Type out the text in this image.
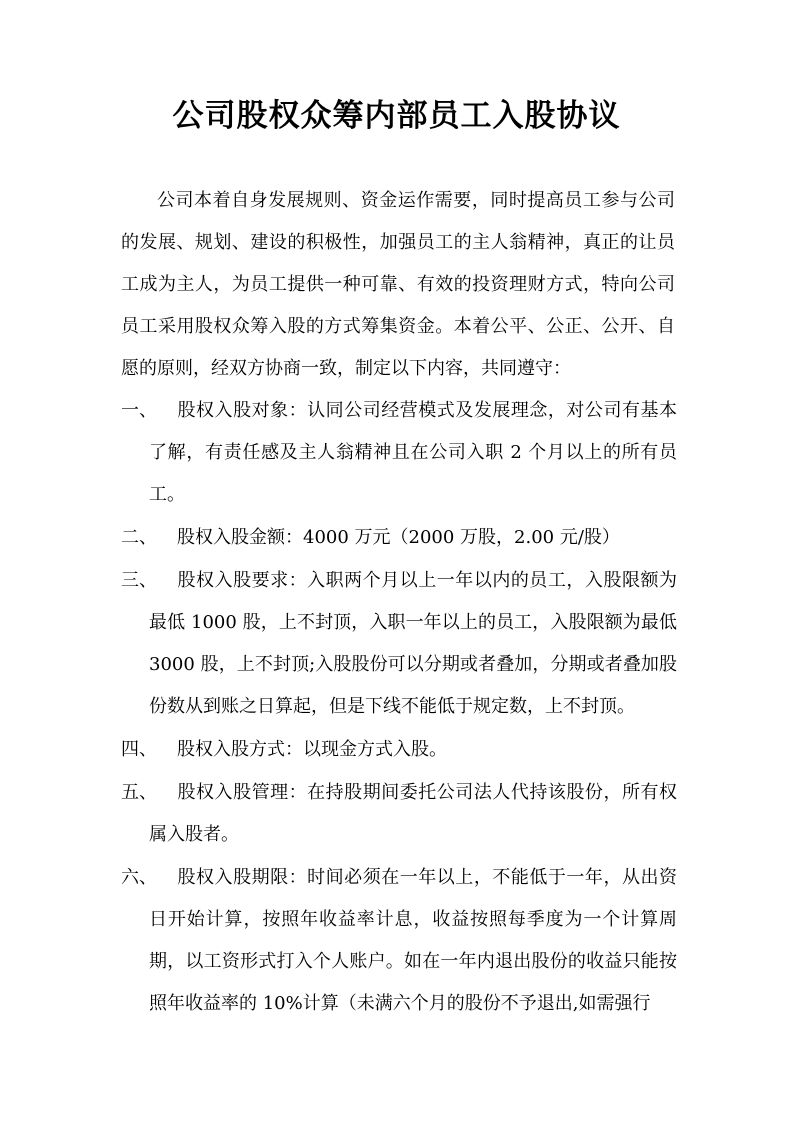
公司股权众筹内部员工入股协议

公司本着自身发展规则、资金运作需要，同时提高员工参与公司的发展、规划、建设的积极性，加强员工的主人翁精神，真正的让员工成为主人，为员工提供一种可靠、有效的投资理财方式，特向公司员工采用股权众筹入股的方式筹集资金。本着公平、公正、公开、自愿的原则，经双方协商一致，制定以下内容，共同遵守：

一、 股权入股对象：认同公司经营模式及发展理念，对公司有基本了解，有责任感及主人翁精神且在公司入职 2 个月以上的所有员工。
二、 股权入股金额：4000 万元（2000 万股，2.00 元/股）
三、 股权入股要求：入职两个月以上一年以内的员工，入股限额为最低 1000 股，上不封顶，入职一年以上的员工，入股限额为最低 3000 股，上不封顶;入股股份可以分期或者叠加，分期或者叠加股份数从到账之日算起，但是下线不能低于规定数，上不封顶。
四、 股权入股方式：以现金方式入股。
五、 股权入股管理：在持股期间委托公司法人代持该股份，所有权属入股者。
六、 股权入股期限：时间必须在一年以上，不能低于一年，从出资日开始计算，按照年收益率计息，收益按照每季度为一个计算周期，以工资形式打入个人账户。如在一年内退出股份的收益只能按照年收益率的 10%计算（未满六个月的股份不予退出,如需强行
